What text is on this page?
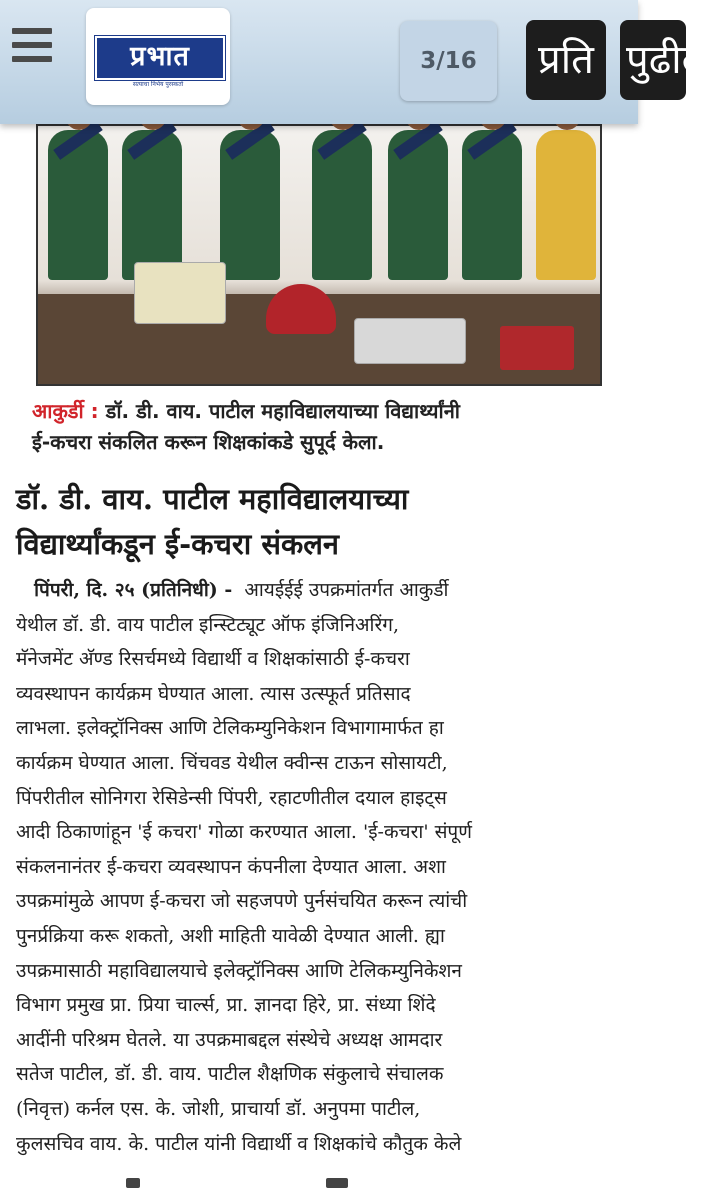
प्रभात
सत्याचा निर्भय पुरस्कर्ता
3/16	प्रति पुढील
आकुर्डी : डॉ. डी. वाय. पाटील महाविद्यालयाच्या विद्यार्थ्यांनी
ई-कचरा संकलित करून शिक्षकांकडे सुपूर्द केला.
डॉ. डी. वाय. पाटील महाविद्यालयाच्या
विद्यार्थ्यांकडून ई-कचरा संकलन
पिंपरी, दि. २५ (प्रतिनिधी) - आयईईई उपक्रमांतर्गत आकुर्डी
येथील डॉ. डी. वाय पाटील इन्स्टिट्यूट ऑफ इंजिनिअरिंग,
मॅनेजमेंट अ‍ॅण्ड रिसर्चमध्ये विद्यार्थी व शिक्षकांसाठी ई-कचरा
व्यवस्थापन कार्यक्रम घेण्यात आला. त्यास उत्स्फूर्त प्रतिसाद
लाभला. इलेक्ट्रॉनिक्स आणि टेलिकम्युनिकेशन विभागामार्फत हा
कार्यक्रम घेण्यात आला. चिंचवड येथील क्वीन्स टाऊन सोसायटी,
पिंपरीतील सोनिगरा रेसिडेन्सी पिंपरी, रहाटणीतील दयाल हाइट्स
आदी ठिकाणांहून 'ई कचरा' गोळा करण्यात आला. 'ई-कचरा' संपूर्ण
संकलनानंतर ई-कचरा व्यवस्थापन कंपनीला देण्यात आला. अशा
उपक्रमांमुळे आपण ई-कचरा जो सहजपणे पुर्नसंचयित करून त्यांची
पुनर्प्रक्रिया करू शकतो, अशी माहिती यावेळी देण्यात आली. ह्या
उपक्रमासाठी महाविद्यालयाचे इलेक्ट्रॉनिक्स आणि टेलिकम्युनिकेशन
विभाग प्रमुख प्रा. प्रिया चार्ल्स, प्रा. ज्ञानदा हिरे, प्रा. संध्या शिंदे
आदींनी परिश्रम घेतले. या उपक्रमाबद्दल संस्थेचे अध्यक्ष आमदार
सतेज पाटील, डॉ. डी. वाय. पाटील शैक्षणिक संकुलाचे संचालक
(निवृत्त) कर्नल एस. के. जोशी, प्राचार्या डॉ. अनुपमा पाटील,
कुलसचिव वाय. के. पाटील यांनी विद्यार्थी व शिक्षकांचे कौतुक केले
